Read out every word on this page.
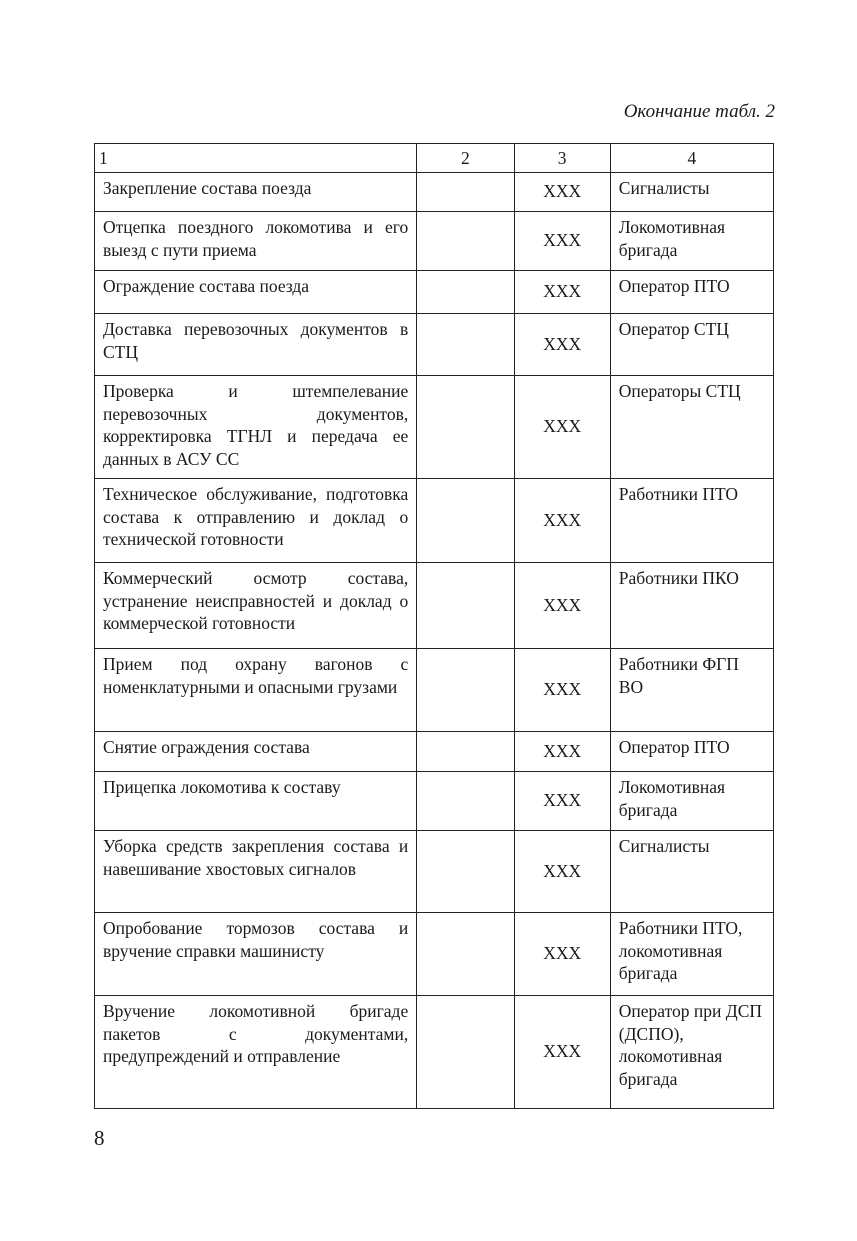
Окончание табл. 2
1	2	3	4
Закрепление состава поезда		ХХХ	Сигналисты
Отцепка поездного локомотива и его выезд с пути приема		ХХХ	Локомотивная бригада
Ограждение состава поезда		ХХХ	Оператор ПТО
Доставка перевозочных документов в СТЦ		ХХХ	Оператор СТЦ
Проверка и штемпелевание перевозочных документов, корректировка ТГНЛ и передача ее данных в АСУ СС		ХХХ	Операторы СТЦ
Техническое обслуживание, подготовка состава к отправлению и доклад о технической готовности		ХХХ	Работники ПТО
Коммерческий осмотр состава, устранение неисправностей и доклад о коммерческой готовности		ХХХ	Работники ПКО
Прием под охрану вагонов с номенклатурными и опасными грузами		ХХХ	Работники ФГП ВО
Снятие ограждения состава		ХХХ	Оператор ПТО
Прицепка локомотива к составу		ХХХ	Локомотивная бригада
Уборка средств закрепления состава и навешивание хвостовых сигналов		ХХХ	Сигналисты
Опробование тормозов состава и вручение справки машинисту		ХХХ	Работники ПТО, локомотивная бригада
Вручение локомотивной бригаде пакетов с документами, предупреждений и отправление		ХХХ	Оператор при ДСП (ДСПО), локомотивная бригада
8
